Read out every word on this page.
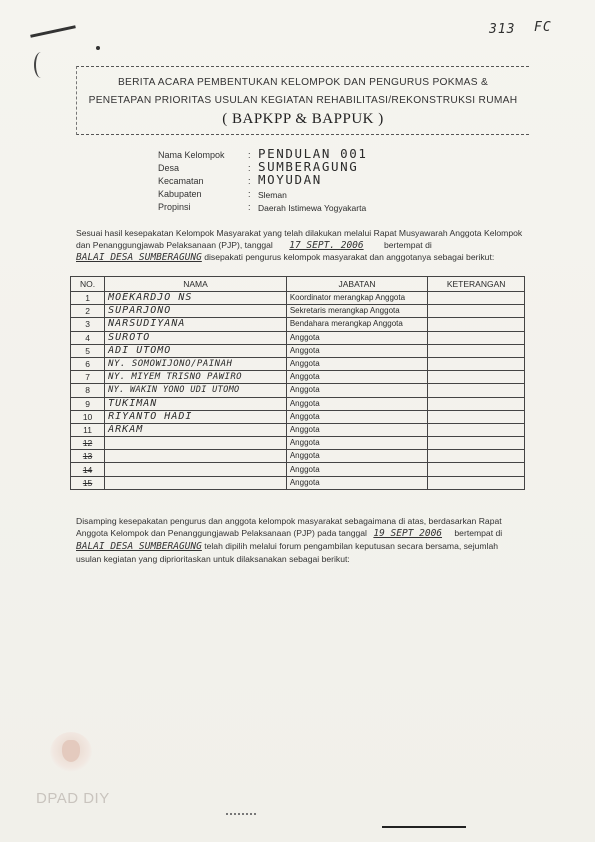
313 FC
BERITA ACARA PEMBENTUKAN KELOMPOK DAN PENGURUS POKMAS &
PENETAPAN PRIORITAS USULAN KEGIATAN REHABILITASI/REKONSTRUKSI RUMAH
( BAPKPP & BAPPUK )
Nama Kelompok	: PENDULAN 001
Desa	: SUMBERAGUNG
Kecamatan	: MOYUDAN
Kabupaten	: Sleman
Propinsi	: Daerah Istimewa Yogyakarta
Sesuai hasil kesepakatan Kelompok Masyarakat yang telah dilakukan melalui Rapat Musyawarah Anggota Kelompok
dan Penanggungjawab Pelaksanaan (PJP), tanggal 17 SEPT. 2006 bertempat di
BALAI DESA SUMBERAGUNG disepakati pengurus kelompok masyarakat dan anggotanya sebagai berikut:
NO.	NAMA	JABATAN	KETERANGAN
1	MOEKARDJO NS	Koordinator merangkap Anggota	
2	SUPARJONO	Sekretaris merangkap Anggota	
3	NARSUDIYANA	Bendahara merangkap Anggota	
4	SUROTO	Anggota	
5	ADI UTOMO	Anggota	
6	NY. SOMOWIJONO/PAINAH	Anggota	
7	NY. MIYEM TRISNO PAWIRO	Anggota	
8	NY. WAKIN YONO UDI UTOMO	Anggota	
9	TUKIMAN	Anggota	
10	RIYANTO HADI	Anggota	
11	ARKAM	Anggota	
12		Anggota	
13		Anggota	
14		Anggota	
15		Anggota	
Disamping kesepakatan pengurus dan anggota kelompok masyarakat sebagaimana di atas, berdasarkan Rapat
Anggota Kelompok dan Penanggungjawab Pelaksanaan (PJP) pada tanggal 19 SEPT 2006 bertempat di
BALAI DESA SUMBERAGUNG telah dipilih melalui forum pengambilan keputusan secara bersama, sejumlah
usulan kegiatan yang diprioritaskan untuk dilaksanakan sebagai berikut:
DPAD DIY
